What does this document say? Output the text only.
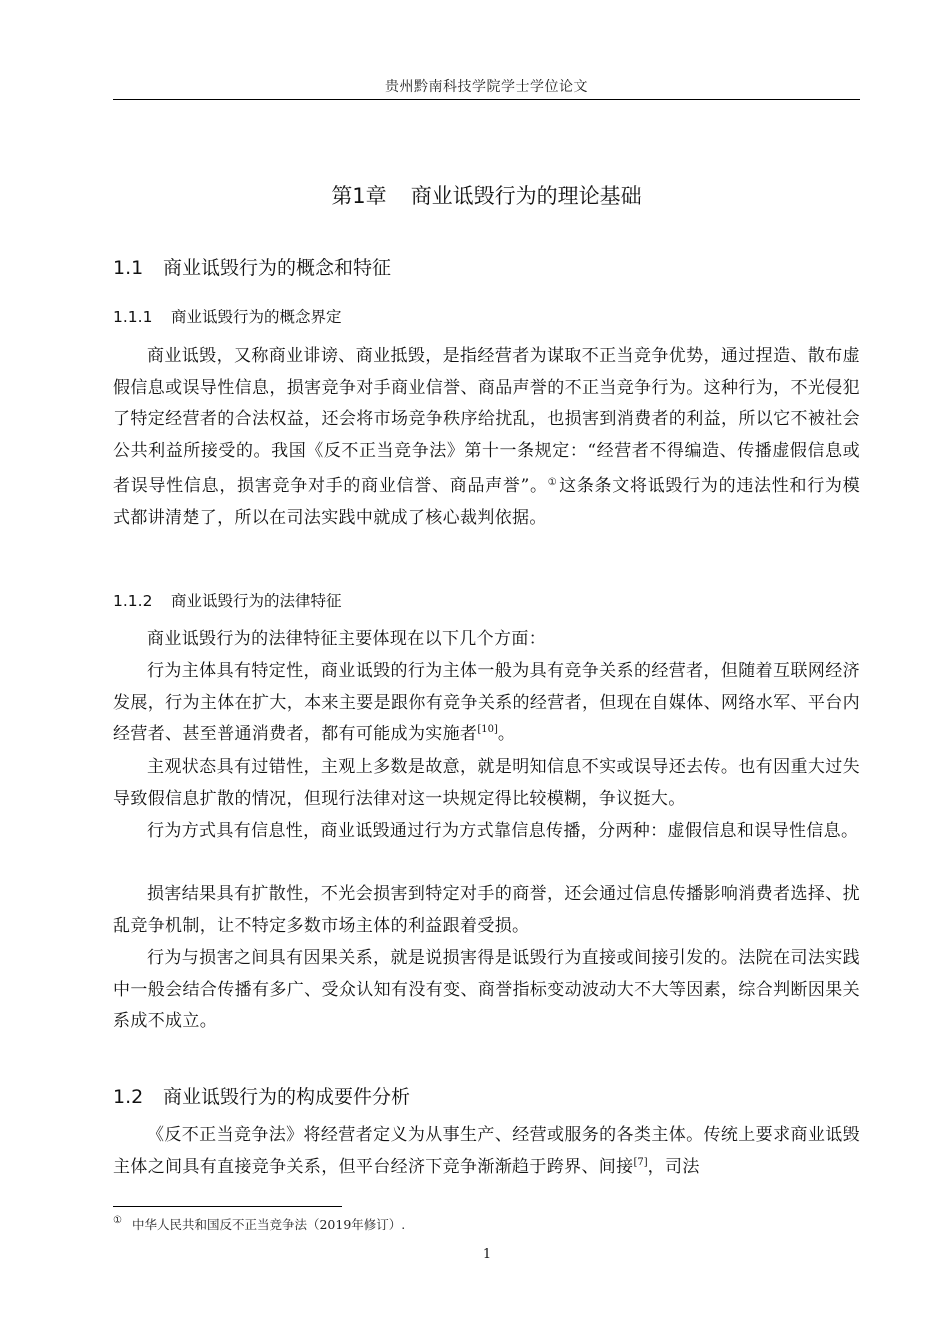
贵州黔南科技学院学士学位论文
第1章 商业诋毁行为的理论基础
1.1 商业诋毁行为的概念和特征
1.1.1 商业诋毁行为的概念界定

商业诋毁，又称商业诽谤、商业抵毁，是指经营者为谋取不正当竞争优势，通过捏造、散布虚假信息或误导性信息，损害竞争对手商业信誉、商品声誉的不正当竞争行为。这种行为，不光侵犯了特定经营者的合法权益，还会将市场竞争秩序给扰乱，也损害到消费者的利益，所以它不被社会公共利益所接受的。我国《反不正当竞争法》第十一条规定：“经营者不得编造、传播虚假信息或者误导性信息，损害竞争对手的商业信誉、商品声誉”。① 这条条文将诋毁行为的违法性和行为模式都讲清楚了，所以在司法实践中就成了核心裁判依据。

1.1.2 商业诋毁行为的法律特征

商业诋毁行为的法律特征主要体现在以下几个方面：

行为主体具有特定性，商业诋毁的行为主体一般为具有竞争关系的经营者，但随着互联网经济发展，行为主体在扩大，本来主要是跟你有竞争关系的经营者，但现在自媒体、网络水军、平台内经营者、甚至普通消费者，都有可能成为实施者[10]。

主观状态具有过错性，主观上多数是故意，就是明知信息不实或误导还去传。也有因重大过失导致假信息扩散的情况，但现行法律对这一块规定得比较模糊，争议挺大。

行为方式具有信息性，商业诋毁通过行为方式靠信息传播，分两种：虚假信息和误导性信息。

损害结果具有扩散性，不光会损害到特定对手的商誉，还会通过信息传播影响消费者选择、扰乱竞争机制，让不特定多数市场主体的利益跟着受损。

行为与损害之间具有因果关系，就是说损害得是诋毁行为直接或间接引发的。法院在司法实践中一般会结合传播有多广、受众认知有没有变、商誉指标变动波动大不大等因素，综合判断因果关系成不成立。

1.2 商业诋毁行为的构成要件分析

《反不正当竞争法》将经营者定义为从事生产、经营或服务的各类主体。传统上要求商业诋毁主体之间具有直接竞争关系，但平台经济下竞争渐渐趋于跨界、间接[7]，司法

① 中华人民共和国反不正当竞争法（2019年修订）.
1
